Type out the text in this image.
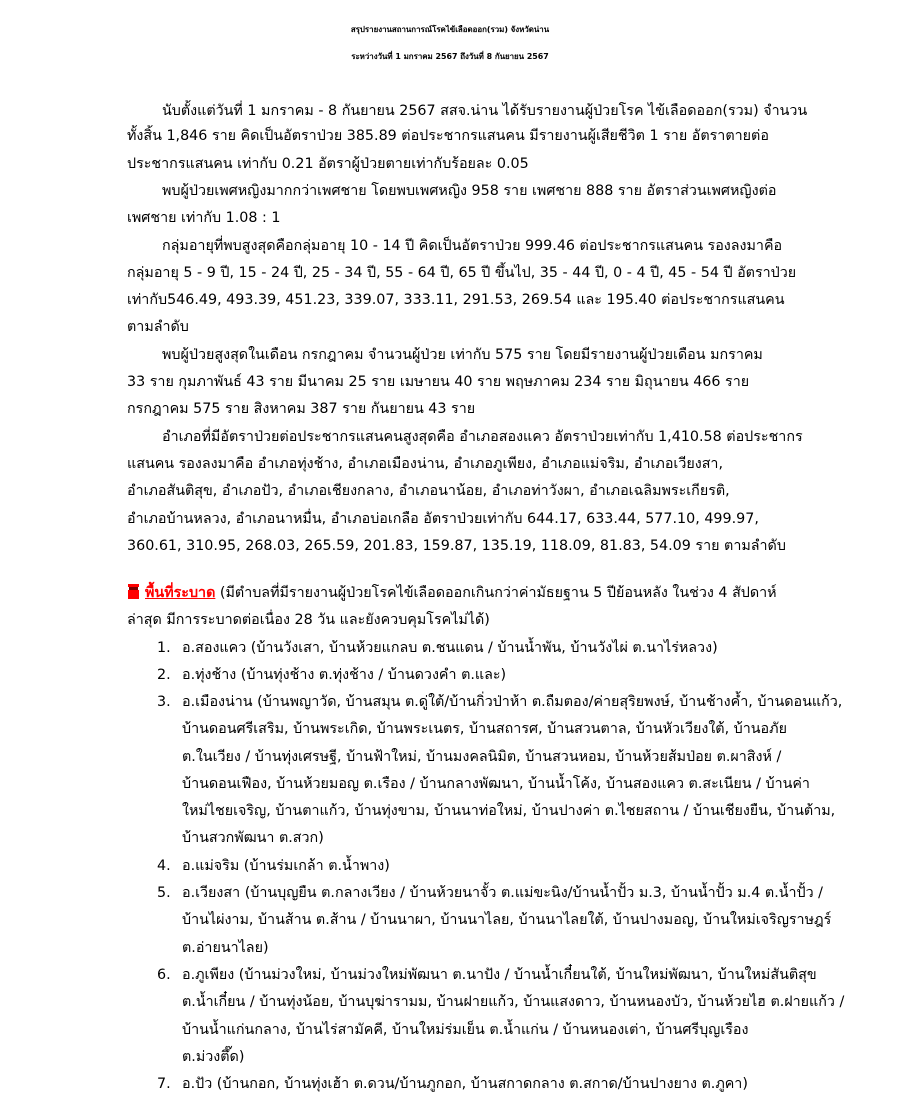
สรุปรายงานสถานการณ์โรคไข้เลือดออก(รวม) จังหวัดน่าน
ระหว่างวันที่ 1 มกราคม 2567 ถึงวันที่ 8 กันยายน 2567
นับตั้งแต่วันที่ 1 มกราคม - 8 กันยายน 2567 สสจ.น่าน ได้รับรายงานผู้ป่วยโรค ไข้เลือดออก(รวม) จำนวน
ทั้งสิ้น 1,846 ราย คิดเป็นอัตราป่วย 385.89 ต่อประชากรแสนคน มีรายงานผู้เสียชีวิต 1 ราย อัตราตายต่อ
ประชากรแสนคน เท่ากับ 0.21 อัตราผู้ป่วยตายเท่ากับร้อยละ 0.05
พบผู้ป่วยเพศหญิงมากกว่าเพศชาย โดยพบเพศหญิง 958 ราย เพศชาย 888 ราย อัตราส่วนเพศหญิงต่อ
เพศชาย เท่ากับ 1.08 : 1
กลุ่มอายุที่พบสูงสุดคือกลุ่มอายุ 10 - 14 ปี คิดเป็นอัตราป่วย 999.46 ต่อประชากรแสนคน รองลงมาคือ
กลุ่มอายุ 5 - 9 ปี, 15 - 24 ปี, 25 - 34 ปี, 55 - 64 ปี, 65 ปี ขึ้นไป, 35 - 44 ปี, 0 - 4 ปี, 45 - 54 ปี อัตราป่วย
เท่ากับ546.49, 493.39, 451.23, 339.07, 333.11, 291.53, 269.54 และ 195.40 ต่อประชากรแสนคน
ตามลำดับ
พบผู้ป่วยสูงสุดในเดือน กรกฎาคม จำนวนผู้ป่วย เท่ากับ 575 ราย โดยมีรายงานผู้ป่วยเดือน มกราคม
33 ราย กุมภาพันธ์ 43 ราย มีนาคม 25 ราย เมษายน 40 ราย พฤษภาคม 234 ราย มิถุนายน 466 ราย
กรกฎาคม 575 ราย สิงหาคม 387 ราย กันยายน 43 ราย
อำเภอที่มีอัตราป่วยต่อประชากรแสนคนสูงสุดคือ อำเภอสองแคว อัตราป่วยเท่ากับ 1,410.58 ต่อประชากร
แสนคน รองลงมาคือ อำเภอทุ่งช้าง, อำเภอเมืองน่าน, อำเภอภูเพียง, อำเภอแม่จริม, อำเภอเวียงสา,
อำเภอสันติสุข, อำเภอปัว, อำเภอเชียงกลาง, อำเภอนาน้อย, อำเภอท่าวังผา, อำเภอเฉลิมพระเกียรติ,
อำเภอบ้านหลวง, อำเภอนาหมื่น, อำเภอบ่อเกลือ อัตราป่วยเท่ากับ 644.17, 633.44, 577.10, 499.97,
360.61, 310.95, 268.03, 265.59, 201.83, 159.87, 135.19, 118.09, 81.83, 54.09 ราย ตามลำดับ
พื้นที่ระบาด (มีตำบลที่มีรายงานผู้ป่วยโรคไข้เลือดออกเกินกว่าค่ามัธยฐาน 5 ปีย้อนหลัง ในช่วง 4 สัปดาห์
ล่าสุด มีการระบาดต่อเนื่อง 28 วัน และยังควบคุมโรคไม่ได้)
1. อ.สองแคว (บ้านวังเสา, บ้านห้วยแกลบ ต.ชนแดน / บ้านน้ำพัน, บ้านวังไผ่ ต.นาไร่หลวง)
2. อ.ทุ่งช้าง (บ้านทุ่งช้าง ต.ทุ่งช้าง / บ้านดวงคำ ต.และ)
3. อ.เมืองน่าน (บ้านพญาวัด, บ้านสมุน ต.ดู่ใต้/บ้านกิ่วป่าห้า ต.ถืมตอง/ค่ายสุริยพงษ์, บ้านช้างค้ำ, บ้านดอนแก้ว,
บ้านดอนศรีเสริม, บ้านพระเกิด, บ้านพระเนตร, บ้านสถารศ, บ้านสวนตาล, บ้านหัวเวียงใต้, บ้านอภัย
ต.ในเวียง / บ้านทุ่งเศรษฐี, บ้านฟ้าใหม่, บ้านมงคลนิมิต, บ้านสวนหอม, บ้านห้วยส้มป่อย ต.ผาสิงห์ /
บ้านดอนเฟือง, บ้านห้วยมอญ ต.เรือง / บ้านกลางพัฒนา, บ้านน้ำโค้ง, บ้านสองแคว ต.สะเนียน / บ้านค่า
ใหม่ไชยเจริญ, บ้านตาแก้ว, บ้านทุ่งขาม, บ้านนาท่อใหม่, บ้านปางค่า ต.ไชยสถาน / บ้านเชียงยืน, บ้านต้าม,
บ้านสวกพัฒนา ต.สวก)
4. อ.แม่จริม (บ้านร่มเกล้า ต.น้ำพาง)
5. อ.เวียงสา (บ้านบุญยืน ต.กลางเวียง / บ้านห้วยนาจั้ว ต.แม่ขะนิง/บ้านน้ำปั้ว ม.3, บ้านน้ำปั้ว ม.4 ต.น้ำปั้ว /
บ้านไผ่งาม, บ้านส้าน ต.ส้าน / บ้านนาผา, บ้านนาไลย, บ้านนาไลยใต้, บ้านปางมอญ, บ้านใหม่เจริญราษฎร์
ต.อ่ายนาไลย)
6. อ.ภูเพียง (บ้านม่วงใหม่, บ้านม่วงใหม่พัฒนา ต.นาปัง / บ้านน้ำเกี๋ยนใต้, บ้านใหม่พัฒนา, บ้านใหม่สันติสุข
ต.น้ำเกี๋ยน / บ้านทุ่งน้อย, บ้านบุฆ่ารามม, บ้านฝายแก้ว, บ้านแสงดาว, บ้านหนองบัว, บ้านห้วยไฮ ต.ฝายแก้ว /
บ้านน้ำแก่นกลาง, บ้านไร่สามัคคี, บ้านใหม่ร่มเย็น ต.น้ำแก่น / บ้านหนองเต่า, บ้านศรีบุญเรือง
ต.ม่วงตึ๊ด)
7. อ.ปัว (บ้านกอก, บ้านทุ่งเฮ้า ต.ดวน/บ้านภูกอก, บ้านสกาดกลาง ต.สกาด/บ้านปางยาง ต.ภูคา)
